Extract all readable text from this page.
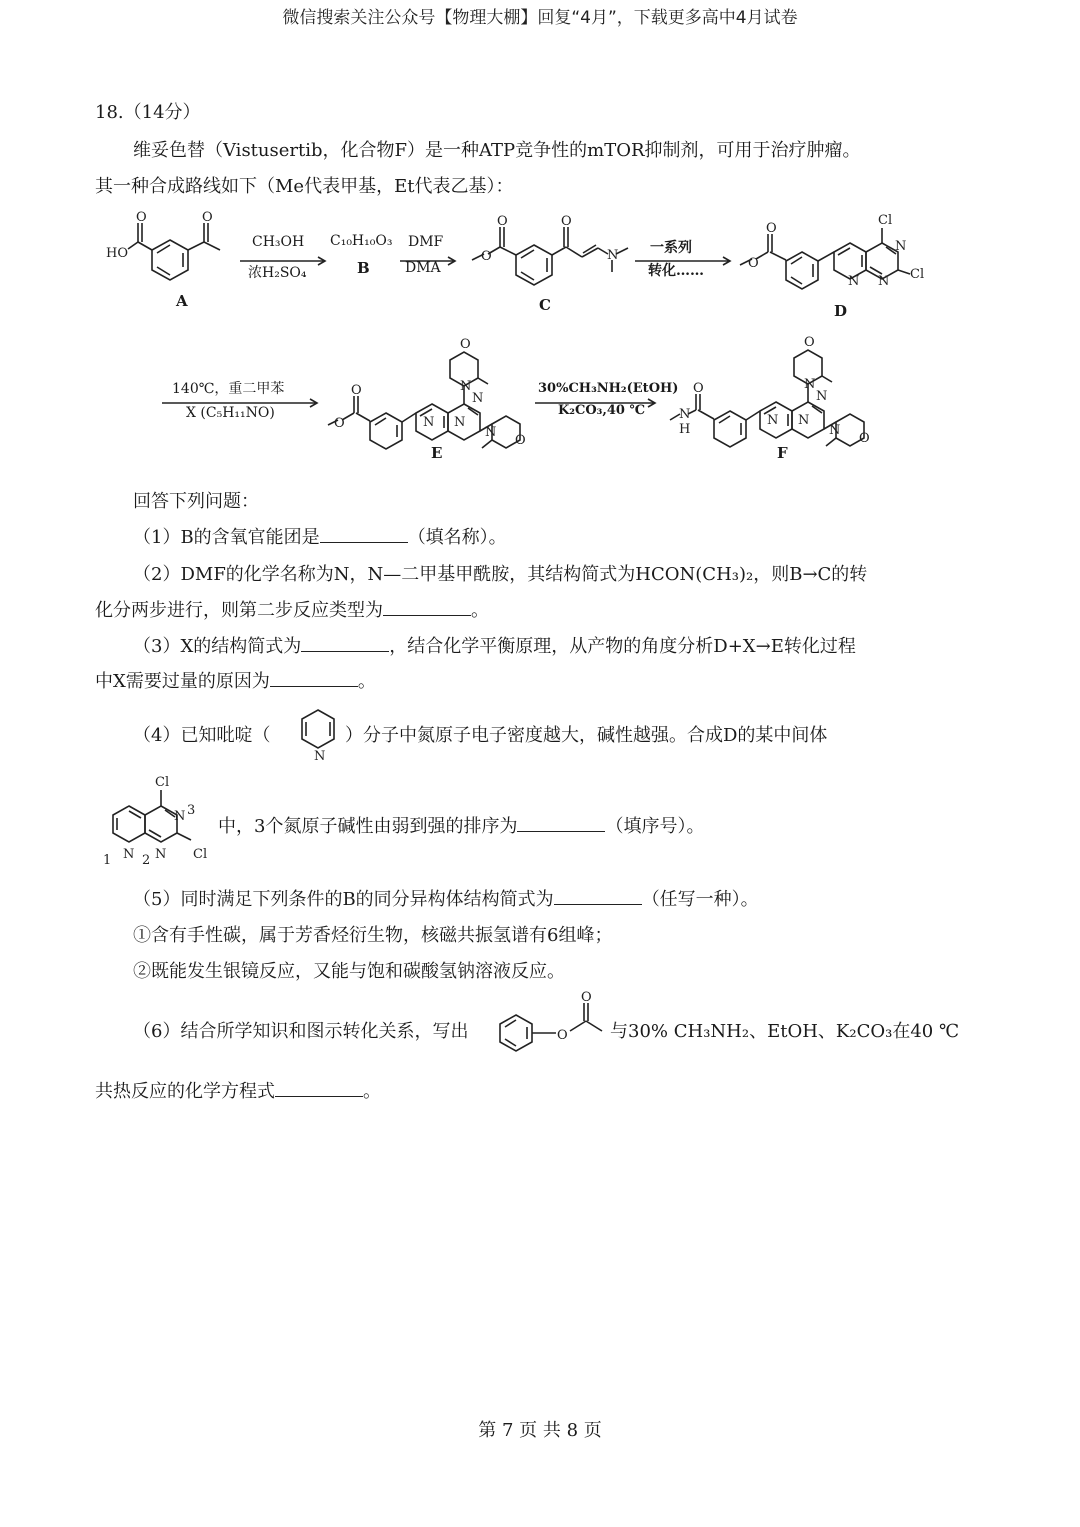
微信搜索关注公众号【物理大棚】回复“4月”，下载更多高中4月试卷
18.（14分）
维妥色替（Vistusertib，化合物F）是一种ATP竞争性的mTOR抑制剂，可用于治疗肿瘤。
其一种合成路线如下（Me代表甲基，Et代表乙基）：
O	O
HO
A
CH₃OH
浓H₂SO₄
C₁₀H₁₀O₃
B
DMF
DMA
O
O	O
N
C
一系列
转化……
Cl
N
N
N	Cl
O
O
D
140℃，重二甲苯
X (C₅H₁₁NO)
N
O
N
N
N
N
O
O
O
E
30%CH₃NH₂(EtOH)
K₂CO₃,40 ℃
N
O
N
N
N
N
O
N
H
O
F
回答下列问题：
（1）B的含氧官能团是	（填名称）。
（2）DMF的化学名称为N，N—二甲基甲酰胺，其结构简式为HCON(CH₃)₂，则B→C的转
化分两步进行，则第二步反应类型为	。
（3）X的结构简式为	，结合化学平衡原理，从产物的角度分析D+X→E转化过程
中X需要过量的原因为	。
（4）已知吡啶（
N
）分子中氮原子电子密度越大，碱性越强。合成D的某中间体
Cl
N 3
N
2
N
1	Cl
中，3个氮原子碱性由弱到强的排序为	（填序号）。
（5）同时满足下列条件的B的同分异构体结构简式为	（任写一种）。
①含有手性碳，属于芳香烃衍生物，核磁共振氢谱有6组峰；
②既能发生银镜反应，又能与饱和碳酸氢钠溶液反应。
（6）结合所学知识和图示转化关系，写出	O
O
与30% CH₃NH₂、EtOH、K₂CO₃在40 ℃
共热反应的化学方程式	。
第 7 页 共 8 页
